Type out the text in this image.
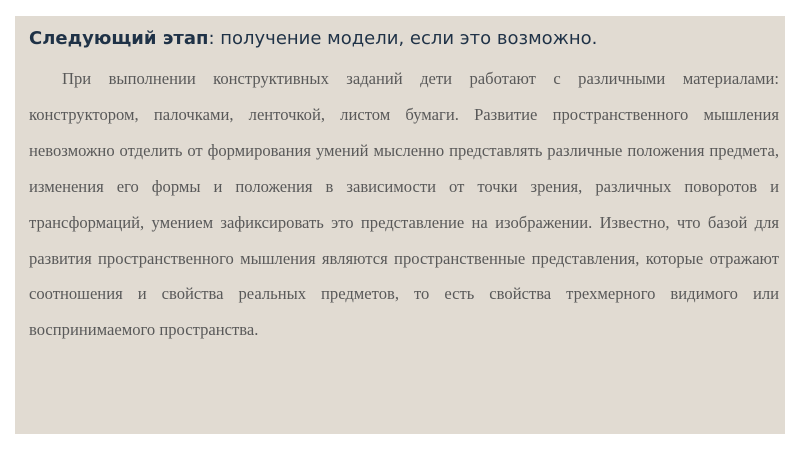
Следующий этап: получение модели, если это возможно.

При выполнении конструктивных заданий дети работают с различными материалами: конструктором, палочками, ленточкой, листом бумаги. Развитие пространственного мышления невозможно отделить от формирования умений мысленно представлять различные положения предмета, изменения его формы и положения в зависимости от точки зрения, различных поворотов и трансформаций, умением зафиксировать это представление на изображении. Известно, что базой для развития пространственного мышления являются пространственные представления, которые отражают соотношения и свойства реальных предметов, то есть свойства трехмерного видимого или воспринимаемого пространства.
